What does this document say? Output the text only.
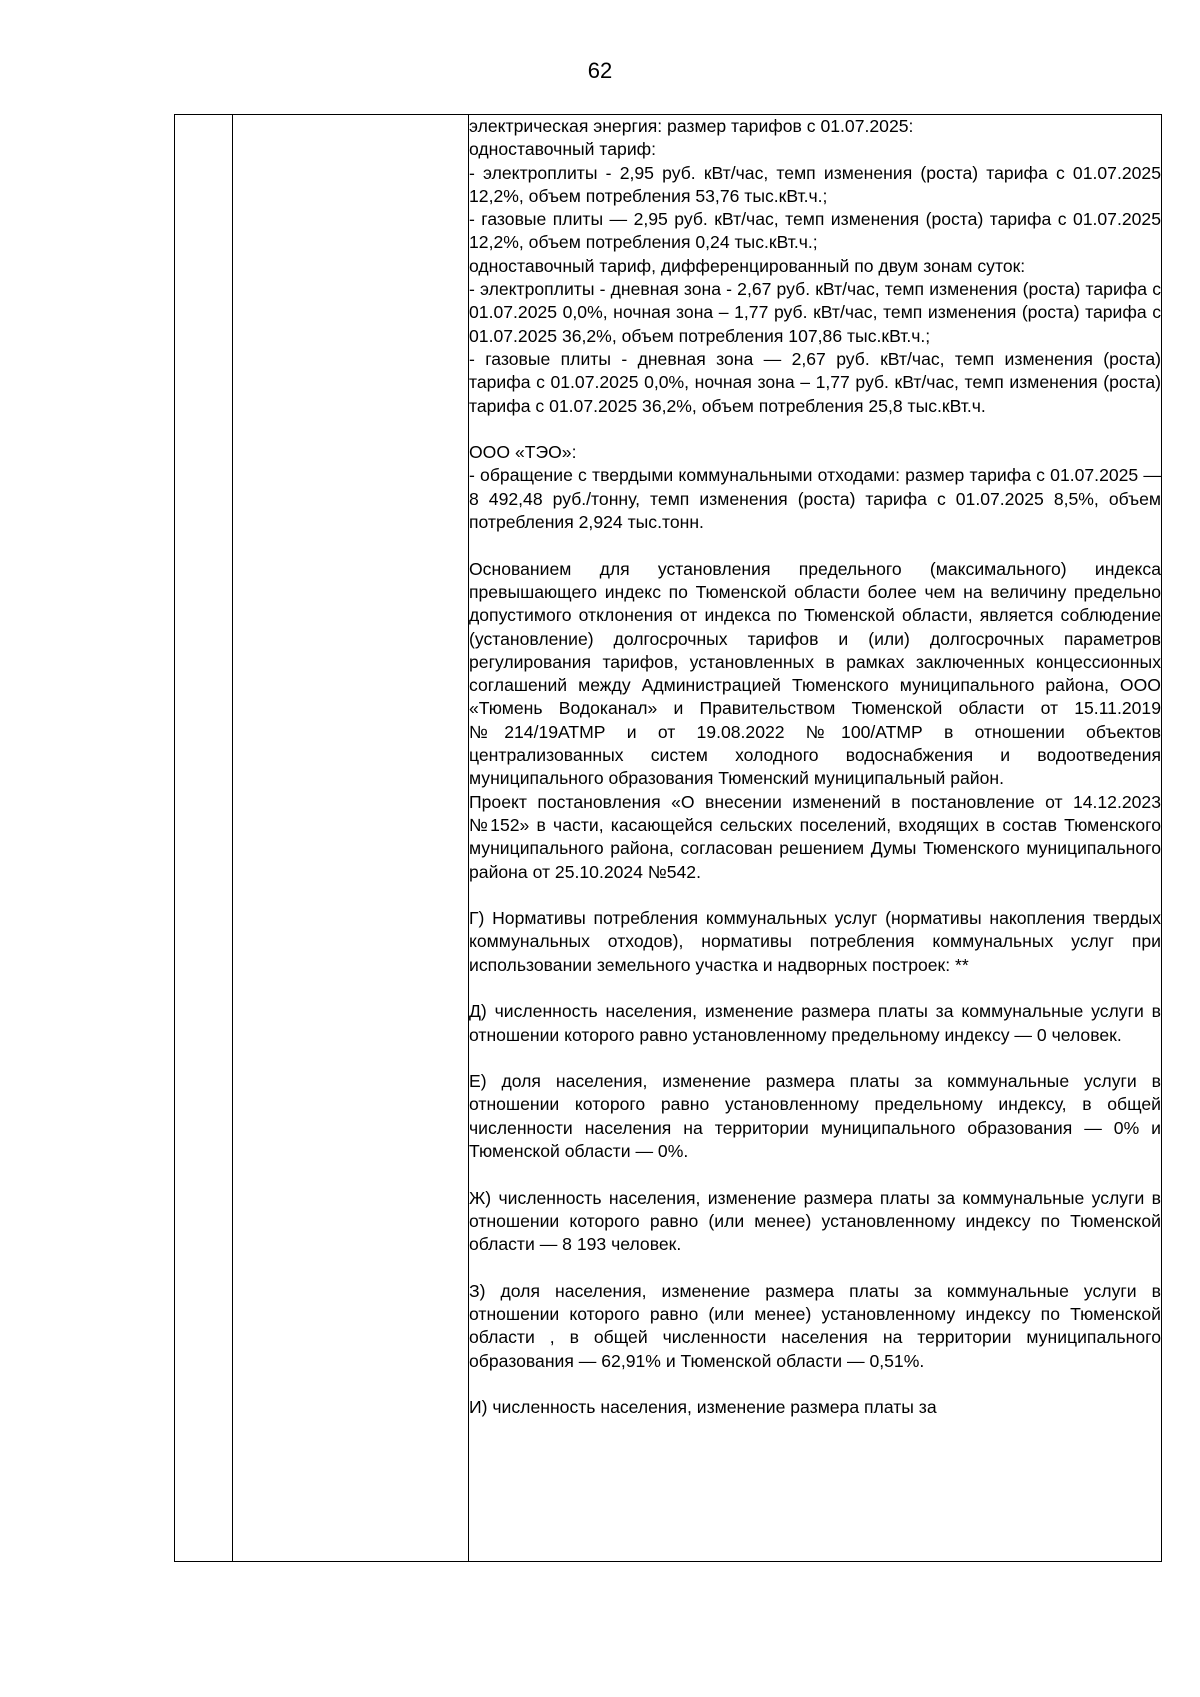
62

электрическая энергия: размер тарифов с 01.07.2025:

одноставочный тариф:

- электроплиты - 2,95 руб. кВт/час, темп изменения (роста) тарифа с 01.07.2025 12,2%, объем потребления 53,76 тыс.кВт.ч.;

- газовые плиты — 2,95 руб. кВт/час, темп изменения (роста) тарифа с 01.07.2025 12,2%, объем потребления 0,24 тыс.кВт.ч.;

одноставочный тариф, дифференцированный по двум зонам суток:

- электроплиты - дневная зона - 2,67 руб. кВт/час, темп изменения (роста) тарифа с 01.07.2025 0,0%, ночная зона – 1,77 руб. кВт/час, темп изменения (роста) тарифа с 01.07.2025 36,2%, объем потребления 107,86 тыс.кВт.ч.;

- газовые плиты - дневная зона — 2,67 руб. кВт/час, темп изменения (роста) тарифа с 01.07.2025 0,0%, ночная зона – 1,77 руб. кВт/час, темп изменения (роста) тарифа с 01.07.2025 36,2%, объем потребления 25,8 тыс.кВт.ч.

ООО «ТЭО»:

- обращение с твердыми коммунальными отходами: размер тарифа с 01.07.2025 — 8 492,48 руб./тонну, темп изменения (роста) тарифа с 01.07.2025 8,5%, объем потребления 2,924 тыс.тонн.

Основанием для установления предельного (максимального) индекса превышающего индекс по Тюменской области более чем на величину предельно допустимого отклонения от индекса по Тюменской области, является соблюдение (установление) долгосрочных тарифов и (или) долгосрочных параметров регулирования тарифов, установленных в рамках заключенных концессионных соглашений между Администрацией Тюменского муниципального района, ООО «Тюмень Водоканал» и Правительством Тюменской области от 15.11.2019 №214/19АТМР и от 19.08.2022 №100/АТМР в отношении объектов централизованных систем холодного водоснабжения и водоотведения муниципального образования Тюменский муниципальный район.

Проект постановления «О внесении изменений в постановление от 14.12.2023 №152» в части, касающейся сельских поселений, входящих в состав Тюменского муниципального района, согласован решением Думы Тюменского муниципального района от 25.10.2024 №542.

Г) Нормативы потребления коммунальных услуг (нормативы накопления твердых коммунальных отходов), нормативы потребления коммунальных услуг при использовании земельного участка и надворных построек: **

Д) численность населения, изменение размера платы за коммунальные услуги в отношении которого равно установленному предельному индексу — 0 человек.

Е) доля населения, изменение размера платы за коммунальные услуги в отношении которого равно установленному предельному индексу, в общей численности населения на территории муниципального образования — 0% и Тюменской области — 0%.

Ж) численность населения, изменение размера платы за коммунальные услуги в отношении которого равно (или менее) установленному индексу по Тюменской области — 8 193 человек.

З) доля населения, изменение размера платы за коммунальные услуги в отношении которого равно (или менее) установленному индексу по Тюменской области , в общей численности населения на территории муниципального образования — 62,91% и Тюменской области — 0,51%.

И) численность населения, изменение размера платы за
